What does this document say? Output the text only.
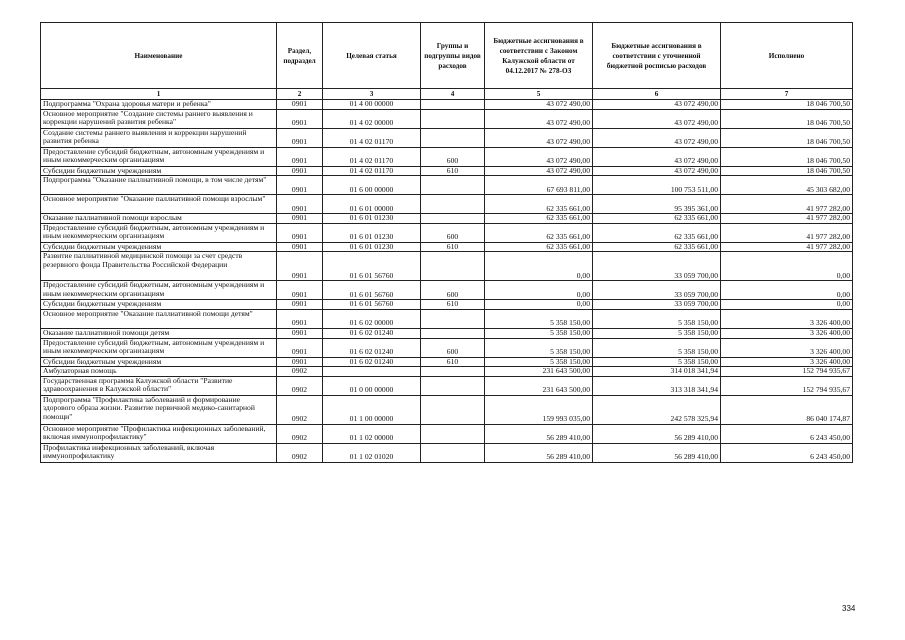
Наименование	Раздел, подраздел	Целевая статья	Группы и подгруппы видов расходов	Бюджетные ассигнования в соответствии с Законом Калужской области от 04.12.2017 № 278-ОЗ	Бюджетные ассигнования в соответствии с уточненной бюджетной росписью расходов	Исполнено
1	2	3	4	5	6	7
Подпрограмма "Охрана здоровья матери и ребенка"	0901	01 4 00 00000		43 072 490,00	43 072 490,00	18 046 700,50
Основное мероприятие "Создание системы раннего выявления и коррекции нарушений развития ребенка"	0901	01 4 02 00000		43 072 490,00	43 072 490,00	18 046 700,50
Создание системы раннего выявления и коррекции нарушений развития ребенка	0901	01 4 02 01170		43 072 490,00	43 072 490,00	18 046 700,50
Предоставление субсидий бюджетным, автономным учреждениям и иным некоммерческим организациям	0901	01 4 02 01170	600	43 072 490,00	43 072 490,00	18 046 700,50
Субсидии бюджетным учреждениям	0901	01 4 02 01170	610	43 072 490,00	43 072 490,00	18 046 700,50
Подпрограмма "Оказание паллиативной помощи, в том числе детям"	0901	01 6 00 00000		67 693 811,00	100 753 511,00	45 303 682,00
Основное мероприятие "Оказание паллиативной помощи взрослым"	0901	01 6 01 00000		62 335 661,00	95 395 361,00	41 977 282,00
Оказание паллиативной помощи взрослым	0901	01 6 01 01230		62 335 661,00	62 335 661,00	41 977 282,00
Предоставление субсидий бюджетным, автономным учреждениям и иным некоммерческим организациям	0901	01 6 01 01230	600	62 335 661,00	62 335 661,00	41 977 282,00
Субсидии бюджетным учреждениям	0901	01 6 01 01230	610	62 335 661,00	62 335 661,00	41 977 282,00
Развитие паллиативной медицинской помощи за счет средств резервного фонда Правительства Российской Федерации	0901	01 6 01 56760		0,00	33 059 700,00	0,00
Предоставление субсидий бюджетным, автономным учреждениям и иным некоммерческим организациям	0901	01 6 01 56760	600	0,00	33 059 700,00	0,00
Субсидии бюджетным учреждениям	0901	01 6 01 56760	610	0,00	33 059 700,00	0,00
Основное мероприятие "Оказание паллиативной помощи детям"	0901	01 6 02 00000		5 358 150,00	5 358 150,00	3 326 400,00
Оказание паллиативной помощи детям	0901	01 6 02 01240		5 358 150,00	5 358 150,00	3 326 400,00
Предоставление субсидий бюджетным, автономным учреждениям и иным некоммерческим организациям	0901	01 6 02 01240	600	5 358 150,00	5 358 150,00	3 326 400,00
Субсидии бюджетным учреждениям	0901	01 6 02 01240	610	5 358 150,00	5 358 150,00	3 326 400,00
Амбулаторная помощь	0902			231 643 500,00	314 018 341,94	152 794 935,67
Государственная программа Калужской области "Развитие здравоохранения в Калужской области"	0902	01 0 00 00000		231 643 500,00	313 318 341,94	152 794 935,67
Подпрограмма "Профилактика заболеваний и формирование здорового образа жизни. Развитие первичной медико-санитарной помощи"	0902	01 1 00 00000		159 993 035,00	242 578 325,94	86 040 174,87
Основное мероприятие "Профилактика инфекционных заболеваний, включая иммунопрофилактику"	0902	01 1 02 00000		56 289 410,00	56 289 410,00	6 243 450,00
Профилактика инфекционных заболеваний, включая иммунопрофилактику	0902	01 1 02 01020		56 289 410,00	56 289 410,00	6 243 450,00
334
